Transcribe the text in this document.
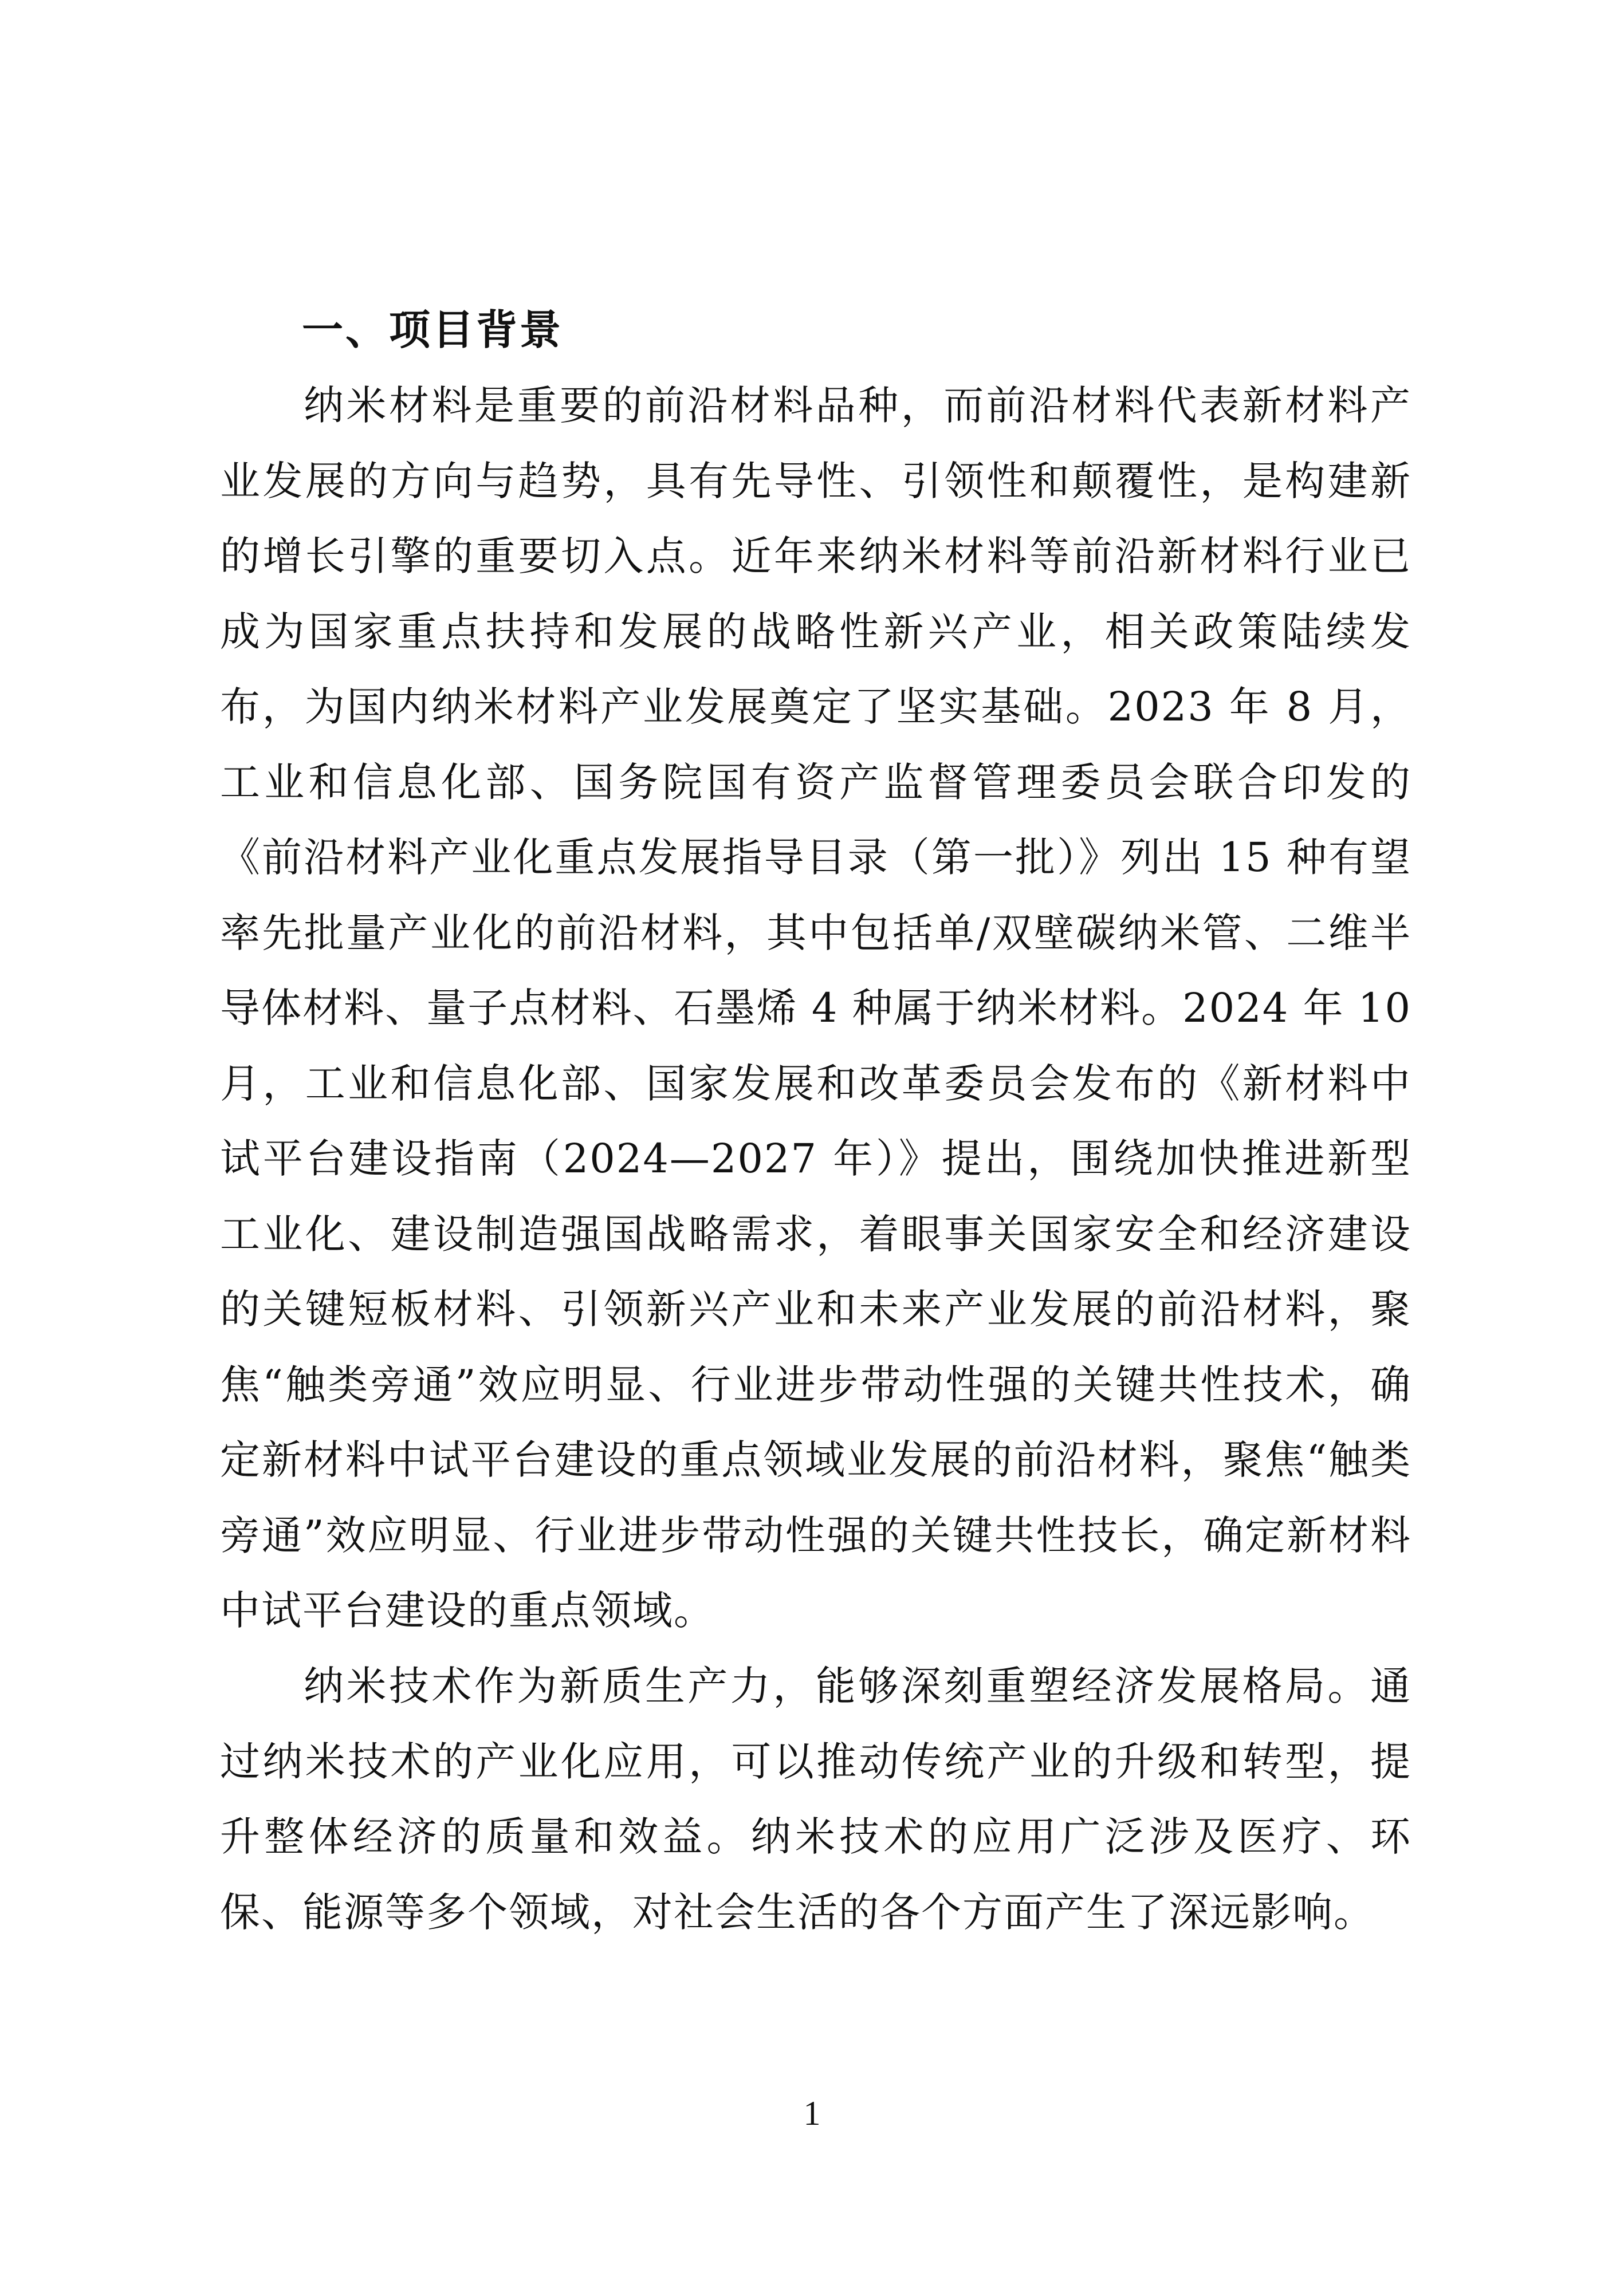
一、项目背景

纳米材料是重要的前沿材料品种，而前沿材料代表新材料产业发展的方向与趋势，具有先导性、引领性和颠覆性，是构建新的增长引擎的重要切入点。近年来纳米材料等前沿新材料行业已成为国家重点扶持和发展的战略性新兴产业，相关政策陆续发布，为国内纳米材料产业发展奠定了坚实基础。2023 年 8 月，工业和信息化部、国务院国有资产监督管理委员会联合印发的《前沿材料产业化重点发展指导目录（第一批）》列出 15 种有望率先批量产业化的前沿材料，其中包括单/双壁碳纳米管、二维半导体材料、量子点材料、石墨烯 4 种属于纳米材料。2024 年 10 月，工业和信息化部、国家发展和改革委员会发布的《新材料中试平台建设指南（2024—2027 年）》提出，围绕加快推进新型工业化、建设制造强国战略需求，着眼事关国家安全和经济建设的关键短板材料、引领新兴产业和未来产业发展的前沿材料，聚焦“触类旁通”效应明显、行业进步带动性强的关键共性技术，确定新材料中试平台建设的重点领域业发展的前沿材料，聚焦“触类旁通”效应明显、行业进步带动性强的关键共性技长，确定新材料中试平台建设的重点领域。

纳米技术作为新质生产力，能够深刻重塑经济发展格局。通过纳米技术的产业化应用，可以推动传统产业的升级和转型，提升整体经济的质量和效益。纳米技术的应用广泛涉及医疗、环保、能源等多个领域，对社会生活的各个方面产生了深远影响。

1
